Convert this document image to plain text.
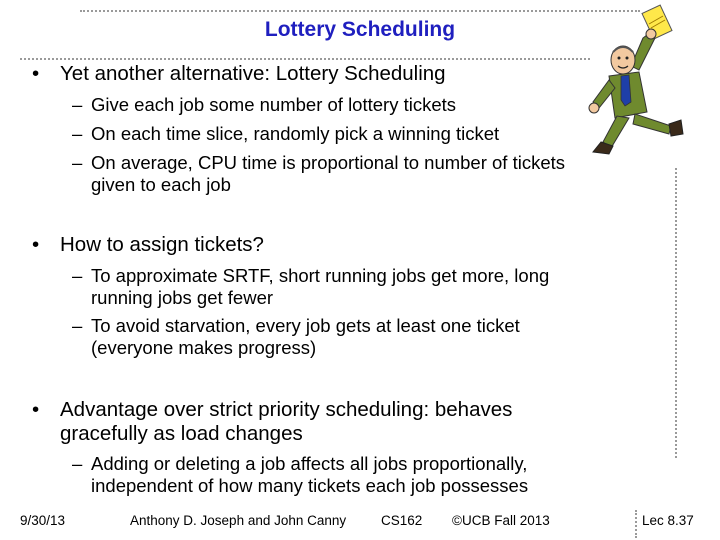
Lottery Scheduling
• Yet another alternative: Lottery Scheduling
– Give each job some number of lottery tickets
– On each time slice, randomly pick a winning ticket
– On average, CPU time is proportional to number of tickets
given to each job
• How to assign tickets?
– To approximate SRTF, short running jobs get more, long
running jobs get fewer
– To avoid starvation, every job gets at least one ticket
(everyone makes progress)
• Advantage over strict priority scheduling: behaves
gracefully as load changes
– Adding or deleting a job affects all jobs proportionally,
independent of how many tickets each job possesses
9/30/13	Anthony D. Joseph and John Canny	CS162 ©UCB Fall 2013	Lec 8.37
